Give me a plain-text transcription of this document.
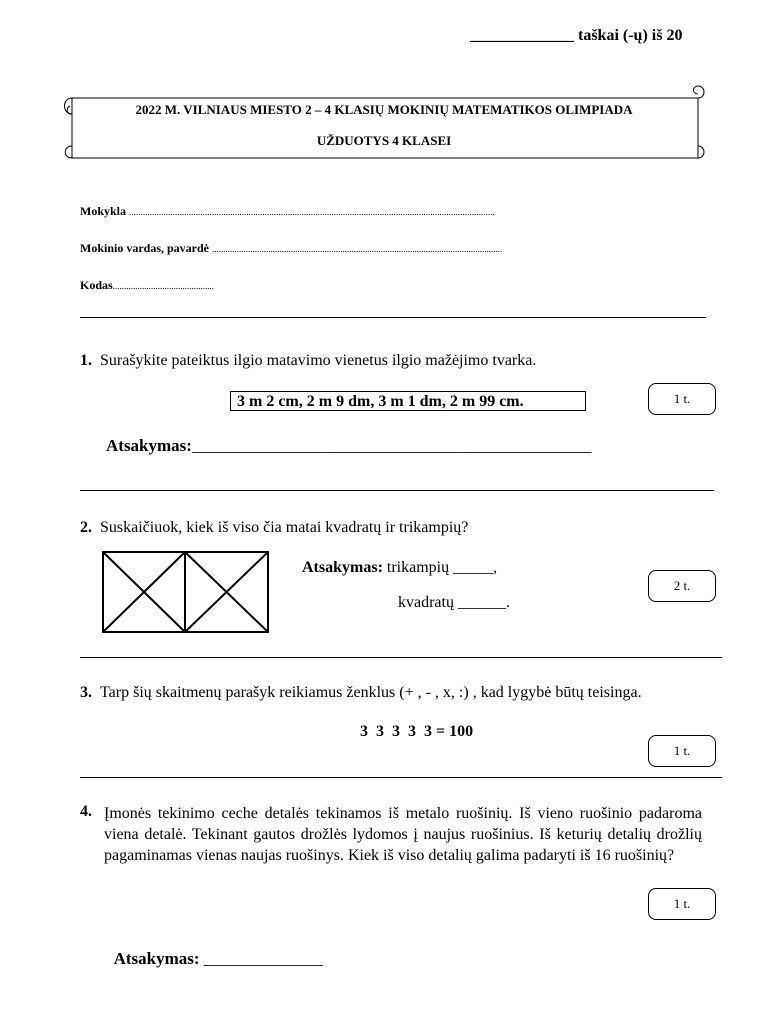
_____________ taškai (-ų) iš 20
2022 M. VILNIAUS MIESTO 2 – 4 KLASIŲ MOKINIŲ MATEMATIKOS OLIMPIADA
UŽDUOTYS 4 KLASEI
Mokykla ...............................................................................................................................................................
Mokinio vardas, pavardė .................................................................................................................................
Kodas.............................................
1. Surašykite pateiktus ilgio matavimo vienetus ilgio mažėjimo tvarka.
3 m 2 cm, 2 m 9 dm, 3 m 1 dm, 2 m 99 cm.	1 t.
Atsakymas:_______________________________________________
2. Suskaičiuok, kiek iš viso čia matai kvadratų ir trikampių?
Atsakymas: trikampių _____,
kvadratų ______.
2 t.
3. Tarp šių skaitmenų parašyk reikiamus ženklus (+ , - , x, :) , kad lygybė būtų teisinga.
3  3  3  3  3 = 100
1 t.
4. Įmonės tekinimo ceche detalės tekinamos iš metalo ruošinių. Iš vieno ruošinio padaroma viena detalė. Tekinant gautos drožlės lydomos į naujus ruošinius. Iš keturių detalių drožlių pagaminamas vienas naujas ruošinys. Kiek iš viso detalių galima padaryti iš 16 ruošinių?
1 t.

Atsakymas: ______________
